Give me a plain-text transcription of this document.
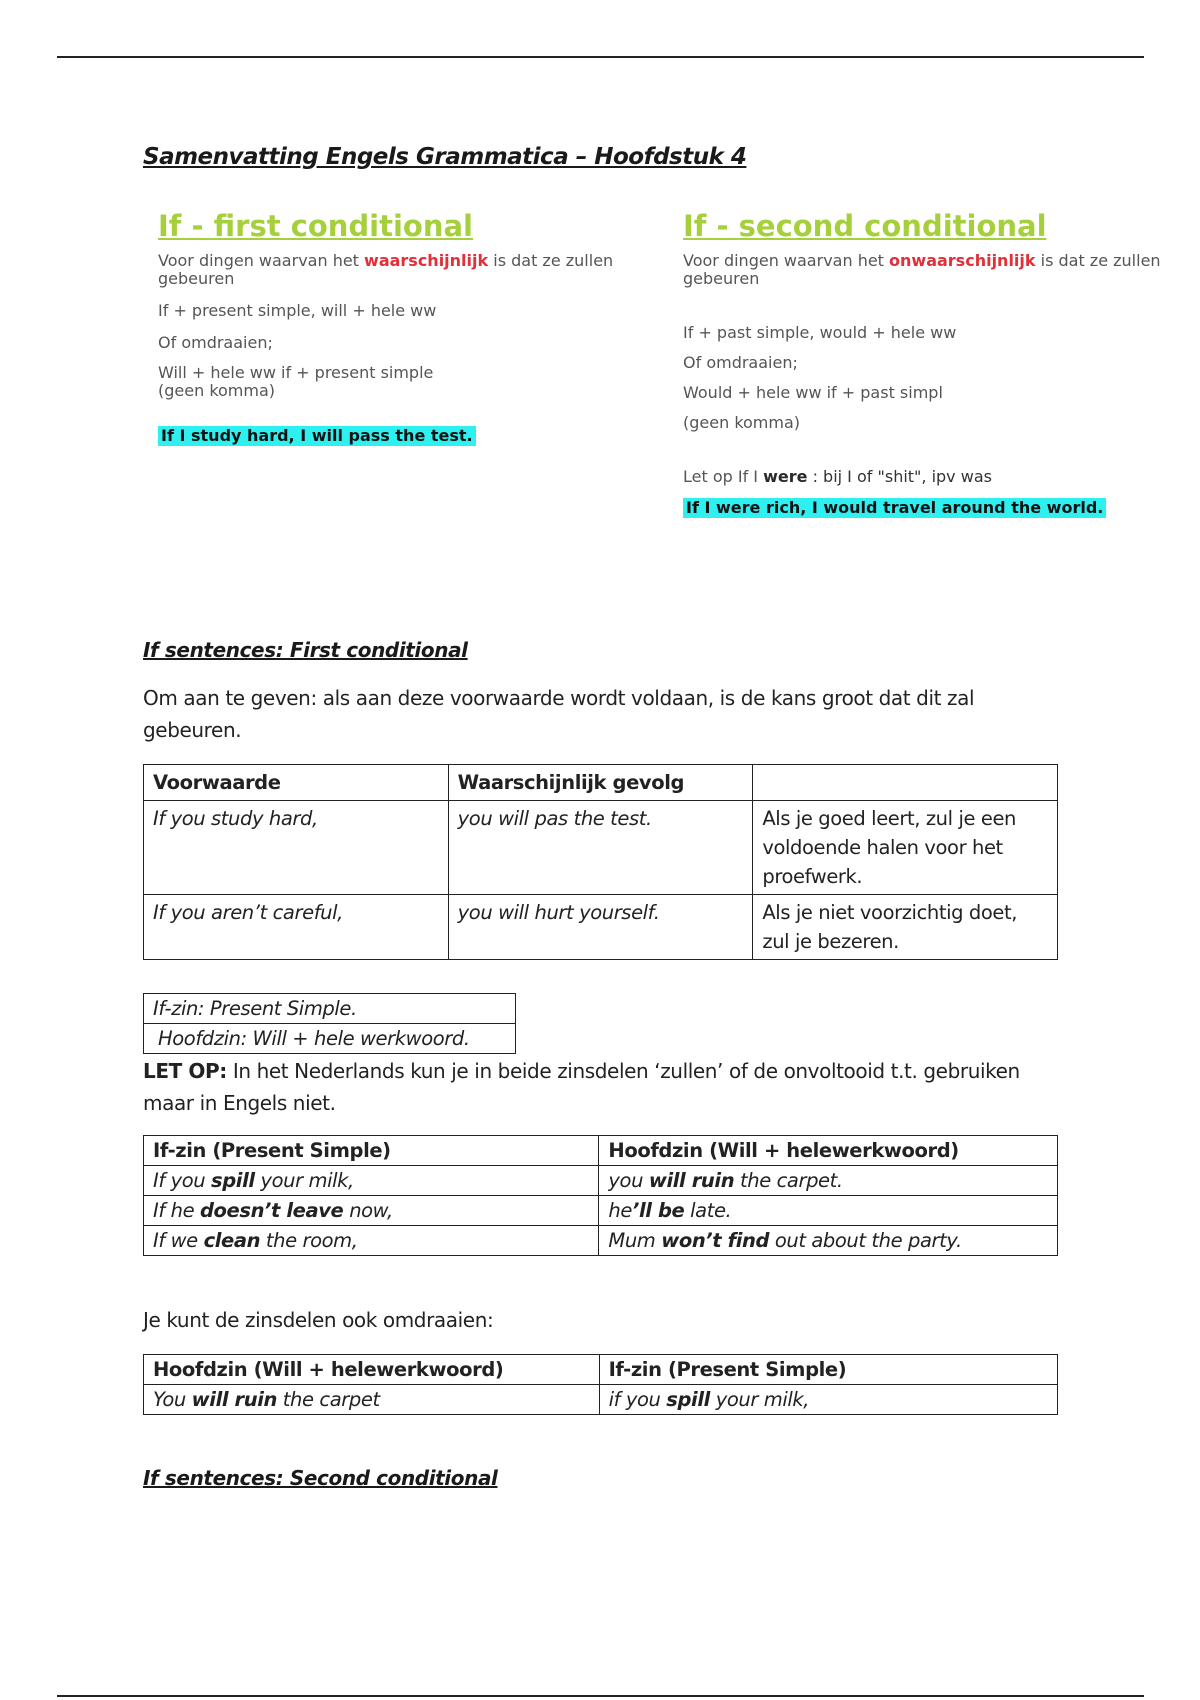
Samenvatting Engels Grammatica – Hoofdstuk 4
If - first conditional

Voor dingen waarvan het waarschijnlijk is dat ze zullen gebeuren

If + present simple, will + hele ww

Of omdraaien;

Will + hele ww if + present simple (geen komma)

If I study hard, I will pass the test.

If - second conditional

Voor dingen waarvan het onwaarschijnlijk is dat ze zullen gebeuren

If + past simple, would + hele ww

Of omdraaien;

Would + hele ww if + past simpl

(geen komma)

Let op If I were : bij I of "shit", ipv was

If I were rich, I would travel around the world.

If sentences: First conditional
Om aan te geven: als aan deze voorwaarde wordt voldaan, is de kans groot dat dit zal gebeuren.
Voorwaarde	Waarschijnlijk gevolg	
If you study hard,	you will pas the test.	Als je goed leert, zul je een voldoende halen voor het proefwerk.
If you aren’t careful,	you will hurt yourself.	Als je niet voorzichtig doet, zul je bezeren.
If-zin: Present Simple.
Hoofdzin: Will + hele werkwoord.
LET OP: In het Nederlands kun je in beide zinsdelen ‘zullen’ of de onvoltooid t.t. gebruiken maar in Engels niet.
If-zin (Present Simple)	Hoofdzin (Will + helewerkwoord)
If you spill your milk,	you will ruin the carpet.
If he doesn’t leave now,	he’ll be late.
If we clean the room,	Mum won’t find out about the party.
Je kunt de zinsdelen ook omdraaien:
Hoofdzin (Will + helewerkwoord)	If-zin (Present Simple)
You will ruin the carpet	if you spill your milk,
If sentences: Second conditional
